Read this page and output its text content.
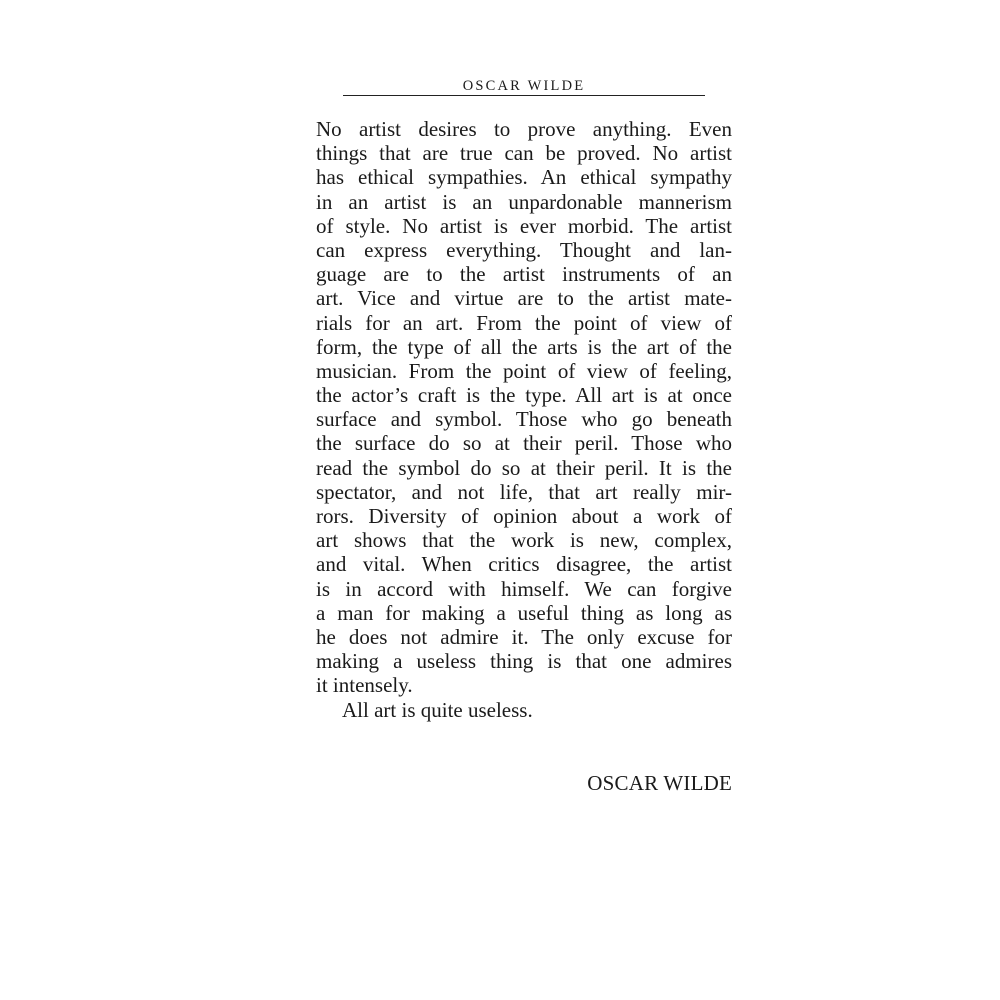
OSCAR WILDE
No artist desires to prove anything. Even
things that are true can be proved. No artist
has ethical sympathies. An ethical sympathy
in an artist is an unpardonable mannerism
of style. No artist is ever morbid. The artist
can express everything. Thought and lan-
guage are to the artist instruments of an
art. Vice and virtue are to the artist mate-
rials for an art. From the point of view of
form, the type of all the arts is the art of the
musician. From the point of view of feeling,
the actor’s craft is the type. All art is at once
surface and symbol. Those who go beneath
the surface do so at their peril. Those who
read the symbol do so at their peril. It is the
spectator, and not life, that art really mir-
rors. Diversity of opinion about a work of
art shows that the work is new, complex,
and vital. When critics disagree, the artist
is in accord with himself. We can forgive
a man for making a useful thing as long as
he does not admire it. The only excuse for
making a useless thing is that one admires
it intensely.
All art is quite useless.
OSCAR WILDE
